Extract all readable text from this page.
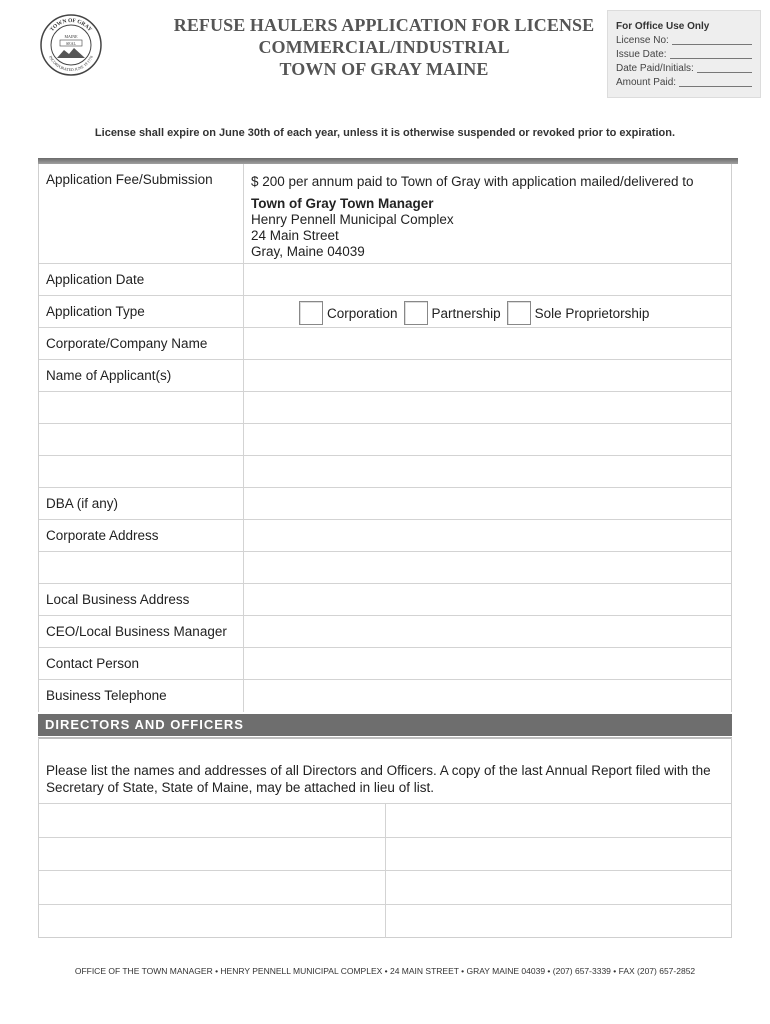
TOWN OF GRAY
INCORPORATED JUNE 19 1778
MAINE
SEAL
REFUSE HAULERS APPLICATION FOR LICENSE
COMMERCIAL/INDUSTRIAL
TOWN OF GRAY MAINE
For Office Use Only
License No:
Issue Date:
Date Paid/Initials:
Amount Paid:
License shall expire on June 30th of each year, unless it is otherwise suspended or revoked prior to expiration.
Application Fee/Submission	$ 200 per annum paid to Town of Gray with application mailed/delivered to
Town of Gray Town Manager
Henry Pennell Municipal Complex
24 Main Street
Gray, Maine 04039
Application Date
Application Type	Corporation	Partnership	Sole Proprietorship
Corporate/Company Name
Name of Applicant(s)
DBA (if any)
Corporate Address
Local Business Address
CEO/Local Business Manager
Contact Person
Business Telephone
DIRECTORS AND OFFICERS
Please list the names and addresses of all Directors and Officers. A copy of the last Annual Report filed with the Secretary of State, State of Maine, may be attached in lieu of list.
OFFICE OF THE TOWN MANAGER • HENRY PENNELL MUNICIPAL COMPLEX • 24 MAIN STREET • GRAY MAINE 04039 • (207) 657-3339 • FAX (207) 657-2852
